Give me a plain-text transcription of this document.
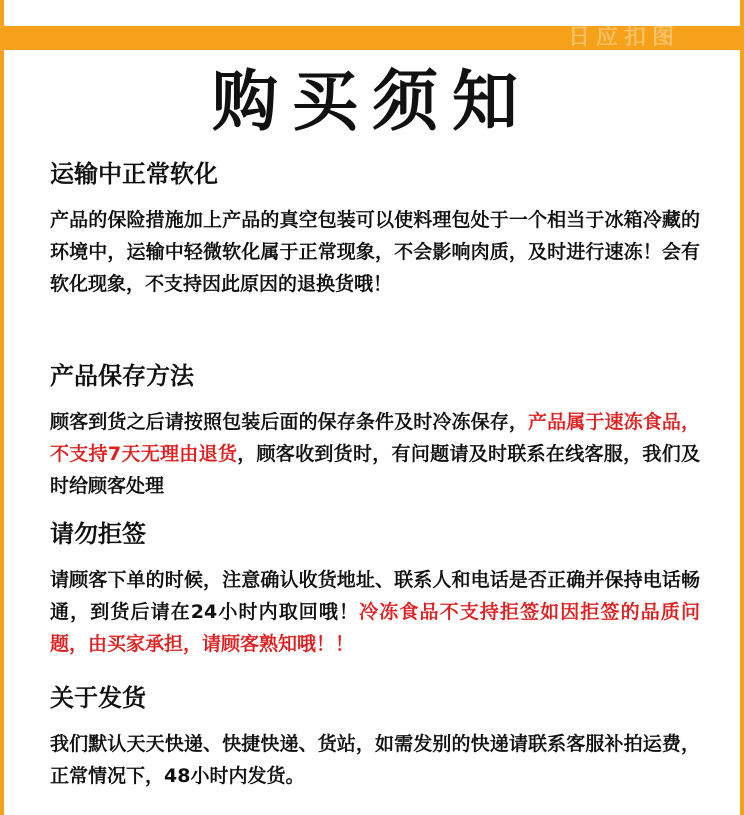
日应扣图
购买须知
运输中正常软化
产品的保险措施加上产品的真空包装可以使料理包处于一个相当于冰箱冷藏的环境中，运输中轻微软化属于正常现象，不会影响肉质，及时进行速冻！会有软化现象，不支持因此原因的退换货哦！
产品保存方法
顾客到货之后请按照包装后面的保存条件及时冷冻保存，产品属于速冻食品，不支持7天无理由退货，顾客收到货时，有问题请及时联系在线客服，我们及时给顾客处理
请勿拒签
请顾客下单的时候，注意确认收货地址、联系人和电话是否正确并保持电话畅通，到货后请在24小时内取回哦！冷冻食品不支持拒签如因拒签的品质问题，由买家承担，请顾客熟知哦！！
关于发货
我们默认天天快递、快捷快递、货站，如需发别的快递请联系客服补拍运费，正常情况下，48小时内发货。
